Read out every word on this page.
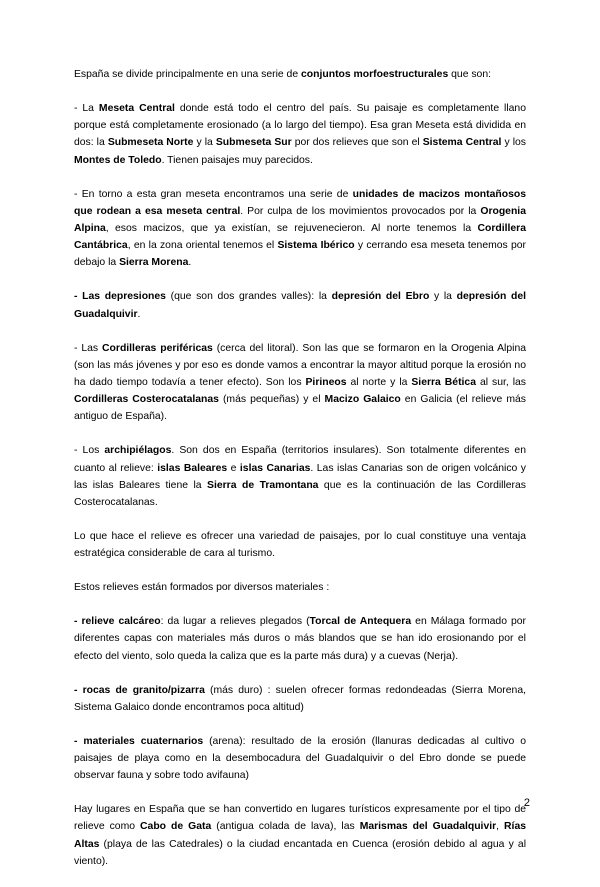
España se divide principalmente en una serie de conjuntos morfoestructurales que son:

- La Meseta Central donde está todo el centro del país. Su paisaje es completamente llano porque está completamente erosionado (a lo largo del tiempo). Esa gran Meseta está dividida en dos: la Submeseta Norte y la Submeseta Sur por dos relieves que son el Sistema Central y los Montes de Toledo. Tienen paisajes muy parecidos.

- En torno a esta gran meseta encontramos una serie de unidades de macizos montañosos que rodean a esa meseta central. Por culpa de los movimientos provocados por la Orogenia Alpina, esos macizos, que ya existían, se rejuvenecieron. Al norte tenemos la Cordillera Cantábrica, en la zona oriental tenemos el Sistema Ibérico y cerrando esa meseta tenemos por debajo la Sierra Morena.

- Las depresiones (que son dos grandes valles): la depresión del Ebro y la depresión del Guadalquivir.

- Las Cordilleras periféricas (cerca del litoral). Son las que se formaron en la Orogenia Alpina (son las más jóvenes y por eso es donde vamos a encontrar la mayor altitud porque la erosión no ha dado tiempo todavía a tener efecto). Son los Pirineos al norte y la Sierra Bética al sur, las Cordilleras Costerocatalanas (más pequeñas) y el Macizo Galaico en Galicia (el relieve más antiguo de España).

- Los archipiélagos. Son dos en España (territorios insulares). Son totalmente diferentes en cuanto al relieve: islas Baleares e islas Canarias. Las islas Canarias son de origen volcánico y las islas Baleares tiene la Sierra de Tramontana que es la continuación de las Cordilleras Costerocatalanas.

Lo que hace el relieve es ofrecer una variedad de paisajes, por lo cual constituye una ventaja estratégica considerable de cara al turismo.

Estos relieves están formados por diversos materiales :

- relieve calcáreo: da lugar a relieves plegados (Torcal de Antequera en Málaga formado por diferentes capas con materiales más duros o más blandos que se han ido erosionando por el efecto del viento, solo queda la caliza que es la parte más dura) y a cuevas (Nerja).

- rocas de granito/pizarra (más duro) : suelen ofrecer formas redondeadas (Sierra Morena, Sistema Galaico donde encontramos poca altitud)

- materiales cuaternarios (arena): resultado de la erosión (llanuras dedicadas al cultivo o paisajes de playa como en la desembocadura del Guadalquivir o del Ebro donde se puede observar fauna y sobre todo avifauna)

Hay lugares en España que se han convertido en lugares turísticos expresamente por el tipo de relieve como Cabo de Gata (antigua colada de lava), las Marismas del Guadalquivir, Rías Altas (playa de las Catedrales) o la ciudad encantada en Cuenca (erosión debido al agua y al viento).

2
